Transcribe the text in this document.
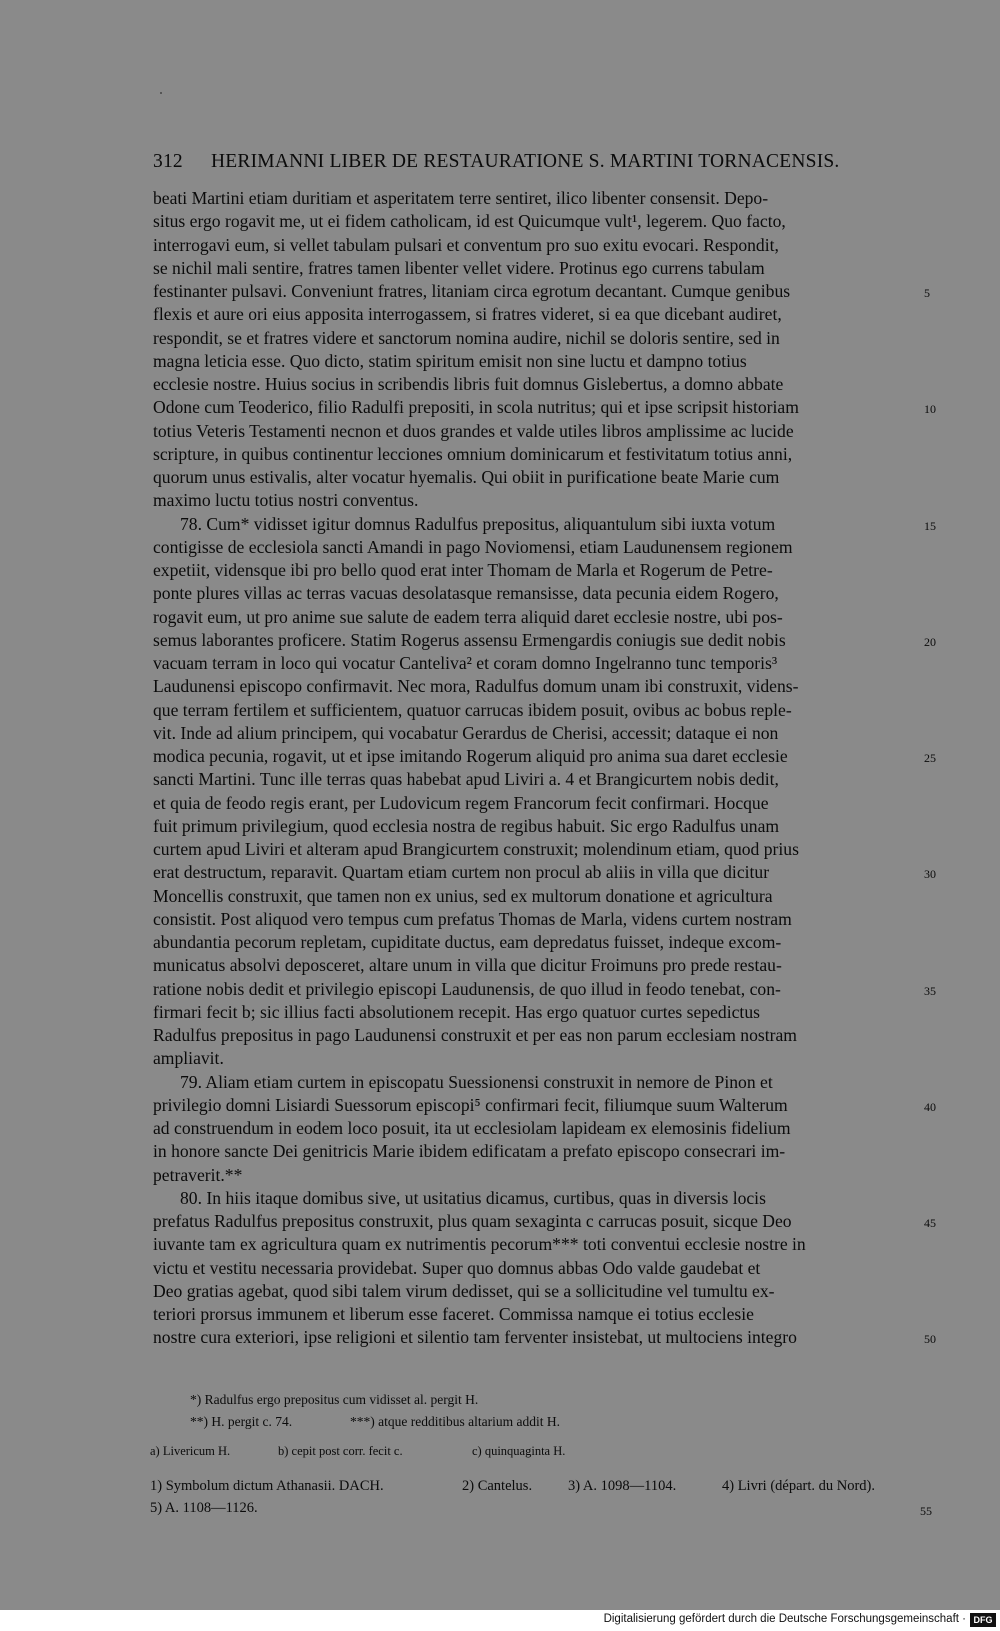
312 HERIMANNI LIBER DE RESTAURATIONE S. MARTINI TORNACENSIS.
beati Martini etiam duritiam et asperitatem terre sentiret, ilico libenter consensit. Depo-
situs ergo rogavit me, ut ei fidem catholicam, id est Quicumque vult¹, legerem. Quo facto,
interrogavi eum, si vellet tabulam pulsari et conventum pro suo exitu evocari. Respondit,
se nichil mali sentire, fratres tamen libenter vellet videre. Protinus ego currens tabulam
festinanter pulsavi. Conveniunt fratres, litaniam circa egrotum decantant. Cumque genibus
flexis et aure ori eius apposita interrogassem, si fratres videret, si ea que dicebant audiret,
respondit, se et fratres videre et sanctorum nomina audire, nichil se doloris sentire, sed in
magna leticia esse. Quo dicto, statim spiritum emisit non sine luctu et dampno totius
ecclesie nostre. Huius socius in scribendis libris fuit domnus Gislebertus, a domno abbate
Odone cum Teoderico, filio Radulfi prepositi, in scola nutritus; qui et ipse scripsit historiam
totius Veteris Testamenti necnon et duos grandes et valde utiles libros amplissime ac lucide
scripture, in quibus continentur lecciones omnium dominicarum et festivitatum totius anni,
quorum unus estivalis, alter vocatur hyemalis. Qui obiit in purificatione beate Marie cum
maximo luctu totius nostri conventus.
78. Cum* vidisset igitur domnus Radulfus prepositus, aliquantulum sibi iuxta votum
contigisse de ecclesiola sancti Amandi in pago Noviomensi, etiam Laudunensem regionem
expetiit, vidensque ibi pro bello quod erat inter Thomam de Marla et Rogerum de Petre-
ponte plures villas ac terras vacuas desolatasque remansisse, data pecunia eidem Rogero,
rogavit eum, ut pro anime sue salute de eadem terra aliquid daret ecclesie nostre, ubi pos-
semus laborantes proficere. Statim Rogerus assensu Ermengardis coniugis sue dedit nobis
vacuam terram in loco qui vocatur Canteliva² et coram domno Ingelranno tunc temporis³
Laudunensi episcopo confirmavit. Nec mora, Radulfus domum unam ibi construxit, videns-
que terram fertilem et sufficientem, quatuor carrucas ibidem posuit, ovibus ac bobus reple-
vit. Inde ad alium principem, qui vocabatur Gerardus de Cherisi, accessit; dataque ei non
modica pecunia, rogavit, ut et ipse imitando Rogerum aliquid pro anima sua daret ecclesie
sancti Martini. Tunc ille terras quas habebat apud Liviri a. 4 et Brangicurtem nobis dedit,
et quia de feodo regis erant, per Ludovicum regem Francorum fecit confirmari. Hocque
fuit primum privilegium, quod ecclesia nostra de regibus habuit. Sic ergo Radulfus unam
curtem apud Liviri et alteram apud Brangicurtem construxit; molendinum etiam, quod prius
erat destructum, reparavit. Quartam etiam curtem non procul ab aliis in villa que dicitur
Moncellis construxit, que tamen non ex unius, sed ex multorum donatione et agricultura
consistit. Post aliquod vero tempus cum prefatus Thomas de Marla, videns curtem nostram
abundantia pecorum repletam, cupiditate ductus, eam depredatus fuisset, indeque excom-
municatus absolvi deposceret, altare unum in villa que dicitur Froimuns pro prede restau-
ratione nobis dedit et privilegio episcopi Laudunensis, de quo illud in feodo tenebat, con-
firmari fecit b; sic illius facti absolutionem recepit. Has ergo quatuor curtes sepedictus
Radulfus prepositus in pago Laudunensi construxit et per eas non parum ecclesiam nostram
ampliavit.
79. Aliam etiam curtem in episcopatu Suessionensi construxit in nemore de Pinon et
privilegio domni Lisiardi Suessorum episcopi⁵ confirmari fecit, filiumque suum Walterum
ad construendum in eodem loco posuit, ita ut ecclesiolam lapideam ex elemosinis fidelium
in honore sancte Dei genitricis Marie ibidem edificatam a prefato episcopo consecrari im-
petraverit.**
80. In hiis itaque domibus sive, ut usitatius dicamus, curtibus, quas in diversis locis
prefatus Radulfus prepositus construxit, plus quam sexaginta c carrucas posuit, sicque Deo
iuvante tam ex agricultura quam ex nutrimentis pecorum*** toti conventui ecclesie nostre in
victu et vestitu necessaria providebat. Super quo domnus abbas Odo valde gaudebat et
Deo gratias agebat, quod sibi talem virum dedisset, qui se a sollicitudine vel tumultu ex-
teriori prorsus immunem et liberum esse faceret. Commissa namque ei totius ecclesie
nostre cura exteriori, ipse religioni et silentio tam ferventer insistebat, ut multociens integro
5
10
15
20
25
30
35
40
45
50
*) Radulfus ergo prepositus cum vidisset al. pergit H.
**) H. pergit c. 74.	***) atque redditibus altarium addit H.
a) Livericum H.	b) cepit post corr. fecit c.	c) quinquaginta H.
1) Symbolum dictum Athanasii. DACH.	2) Cantelus. 3) A. 1098—1104.	4) Livri (départ. du Nord).
5) A. 1108—1126.	55
Digitalisierung gefördert durch die Deutsche Forschungsgemeinschaft · DFG
